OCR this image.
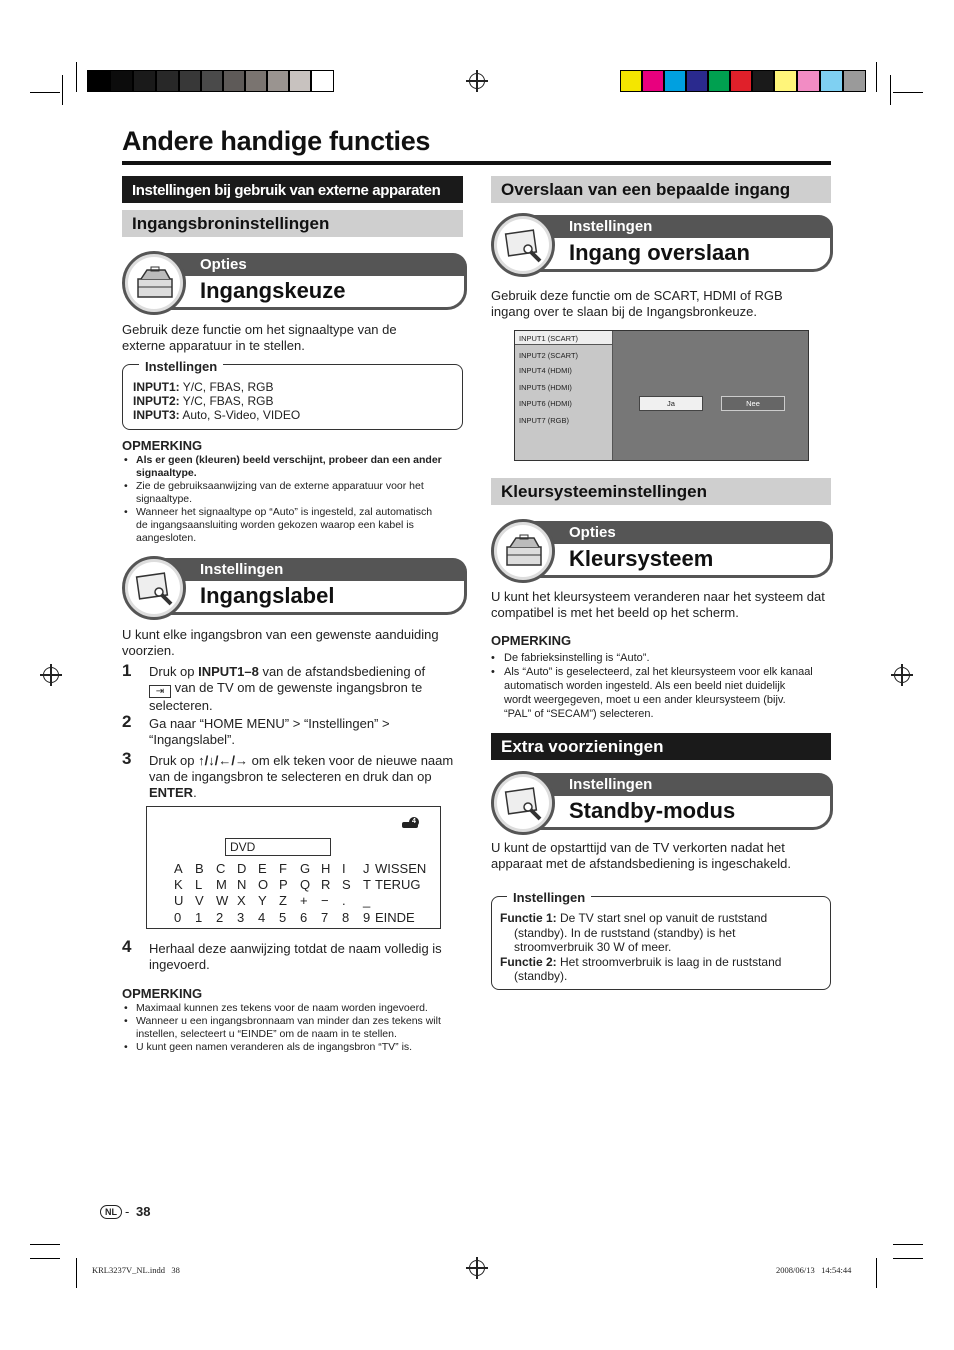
Andere handige functies
Instellingen bij gebruik van externe apparaten
Ingangsbroninstellingen
Opties
Ingangskeuze
Gebruik deze functie om het signaaltype van de externe apparatuur in te stellen.
Instellingen
INPUT1: Y/C, FBAS, RGB
INPUT2: Y/C, FBAS, RGB
INPUT3: Auto, S-Video, VIDEO
OPMERKING
• Als er geen (kleuren) beeld verschijnt, probeer dan een ander signaaltype.
• Zie de gebruiksaanwijzing van de externe apparatuur voor het signaaltype.
• Wanneer het signaaltype op “Auto” is ingesteld, zal automatisch de ingangsaansluiting worden gekozen waarop een kabel is aangesloten.
Instellingen
Ingangslabel
U kunt elke ingangsbron van een gewenste aanduiding voorzien.
1 Druk op INPUT1–8 van de afstandsbediening of
⇥ van de TV om de gewenste ingangsbron te selecteren.
2 Ga naar “HOME MENU” > “Instellingen” > “Ingangslabel”.
3 Druk op ↑/↓/←/→ om elk teken voor de nieuwe naam van de ingangsbron te selecteren en druk dan op ENTER.
DVD
4
A B C D E F G H I J WISSEN
K L M N O P Q R S T TERUG
U V W X Y Z + − . _
0 1 2 3 4 5 6 7 8 9 EINDE
4 Herhaal deze aanwijzing totdat de naam volledig is ingevoerd.
OPMERKING
• Maximaal kunnen zes tekens voor de naam worden ingevoerd.
• Wanneer u een ingangsbronnaam van minder dan zes tekens wilt instellen, selecteert u “EINDE” om de naam in te stellen.
• U kunt geen namen veranderen als de ingangsbron “TV” is.
Overslaan van een bepaalde ingang
Instellingen
Ingang overslaan
Gebruik deze functie om de SCART, HDMI of RGB ingang over te slaan bij de Ingangsbronkeuze.
INPUT1 (SCART)
INPUT2 (SCART)
INPUT4 (HDMI)
INPUT5 (HDMI)
INPUT6 (HDMI)
INPUT7 (RGB)
Ja	Nee
Kleursysteeminstellingen
Opties
Kleursysteem
U kunt het kleursysteem veranderen naar het systeem dat compatibel is met het beeld op het scherm.
OPMERKING
• De fabrieksinstelling is “Auto”.
• Als “Auto” is geselecteerd, zal het kleursysteem voor elk kanaal automatisch worden ingesteld. Als een beeld niet duidelijk wordt weergegeven, moet u een ander kleursysteem (bijv. “PAL” of “SECAM”) selecteren.
Extra voorzieningen
Instellingen
Standby-modus
U kunt de opstarttijd van de TV verkorten nadat het apparaat met de afstandsbediening is ingeschakeld.
Instellingen
Functie 1: De TV start snel op vanuit de ruststand (standby). In de ruststand (standby) is het stroomverbruik 30 W of meer.
Functie 2: Het stroomverbruik is laag in de ruststand (standby).
NL - 38
KRL3237V_NL.indd   38	2008/06/13   14:54:44
